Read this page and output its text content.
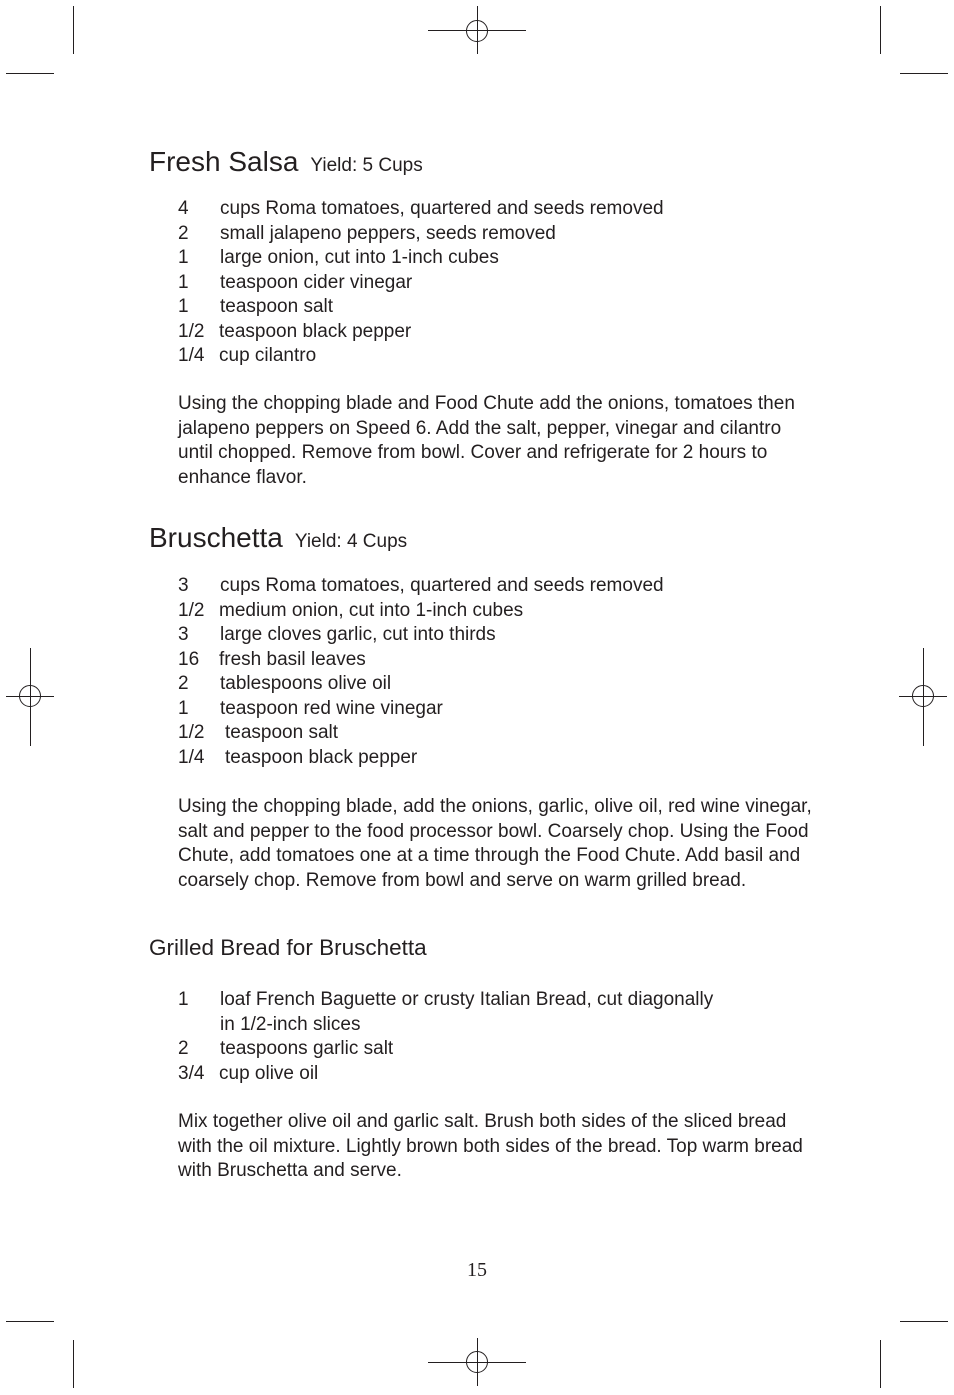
Fresh Salsa Yield: 5 Cups
4 cups Roma tomatoes, quartered and seeds removed
2 small jalapeno peppers, seeds removed
1 large onion, cut into 1-inch cubes
1 teaspoon cider vinegar
1 teaspoon salt
1/2 teaspoon black pepper
1/4 cup cilantro

Using the chopping blade and Food Chute add the onions, tomatoes then jalapeno peppers on Speed 6. Add the salt, pepper, vinegar and cilantro until chopped. Remove from bowl. Cover and refrigerate for 2 hours to enhance flavor.

Bruschetta Yield: 4 Cups
3 cups Roma tomatoes, quartered and seeds removed
1/2 medium onion, cut into 1-inch cubes
3 large cloves garlic, cut into thirds
16 fresh basil leaves
2 tablespoons olive oil
1 teaspoon red wine vinegar
1/2 teaspoon salt
1/4 teaspoon black pepper

Using the chopping blade, add the onions, garlic, olive oil, red wine vinegar, salt and pepper to the food processor bowl. Coarsely chop. Using the Food Chute, add tomatoes one at a time through the Food Chute. Add basil and coarsely chop. Remove from bowl and serve on warm grilled bread.

Grilled Bread for Bruschetta
1 loaf French Baguette or crusty Italian Bread, cut diagonally
in 1/2-inch slices
2 teaspoons garlic salt
3/4 cup olive oil

Mix together olive oil and garlic salt. Brush both sides of the sliced bread with the oil mixture. Lightly brown both sides of the bread. Top warm bread with Bruschetta and serve.

15
